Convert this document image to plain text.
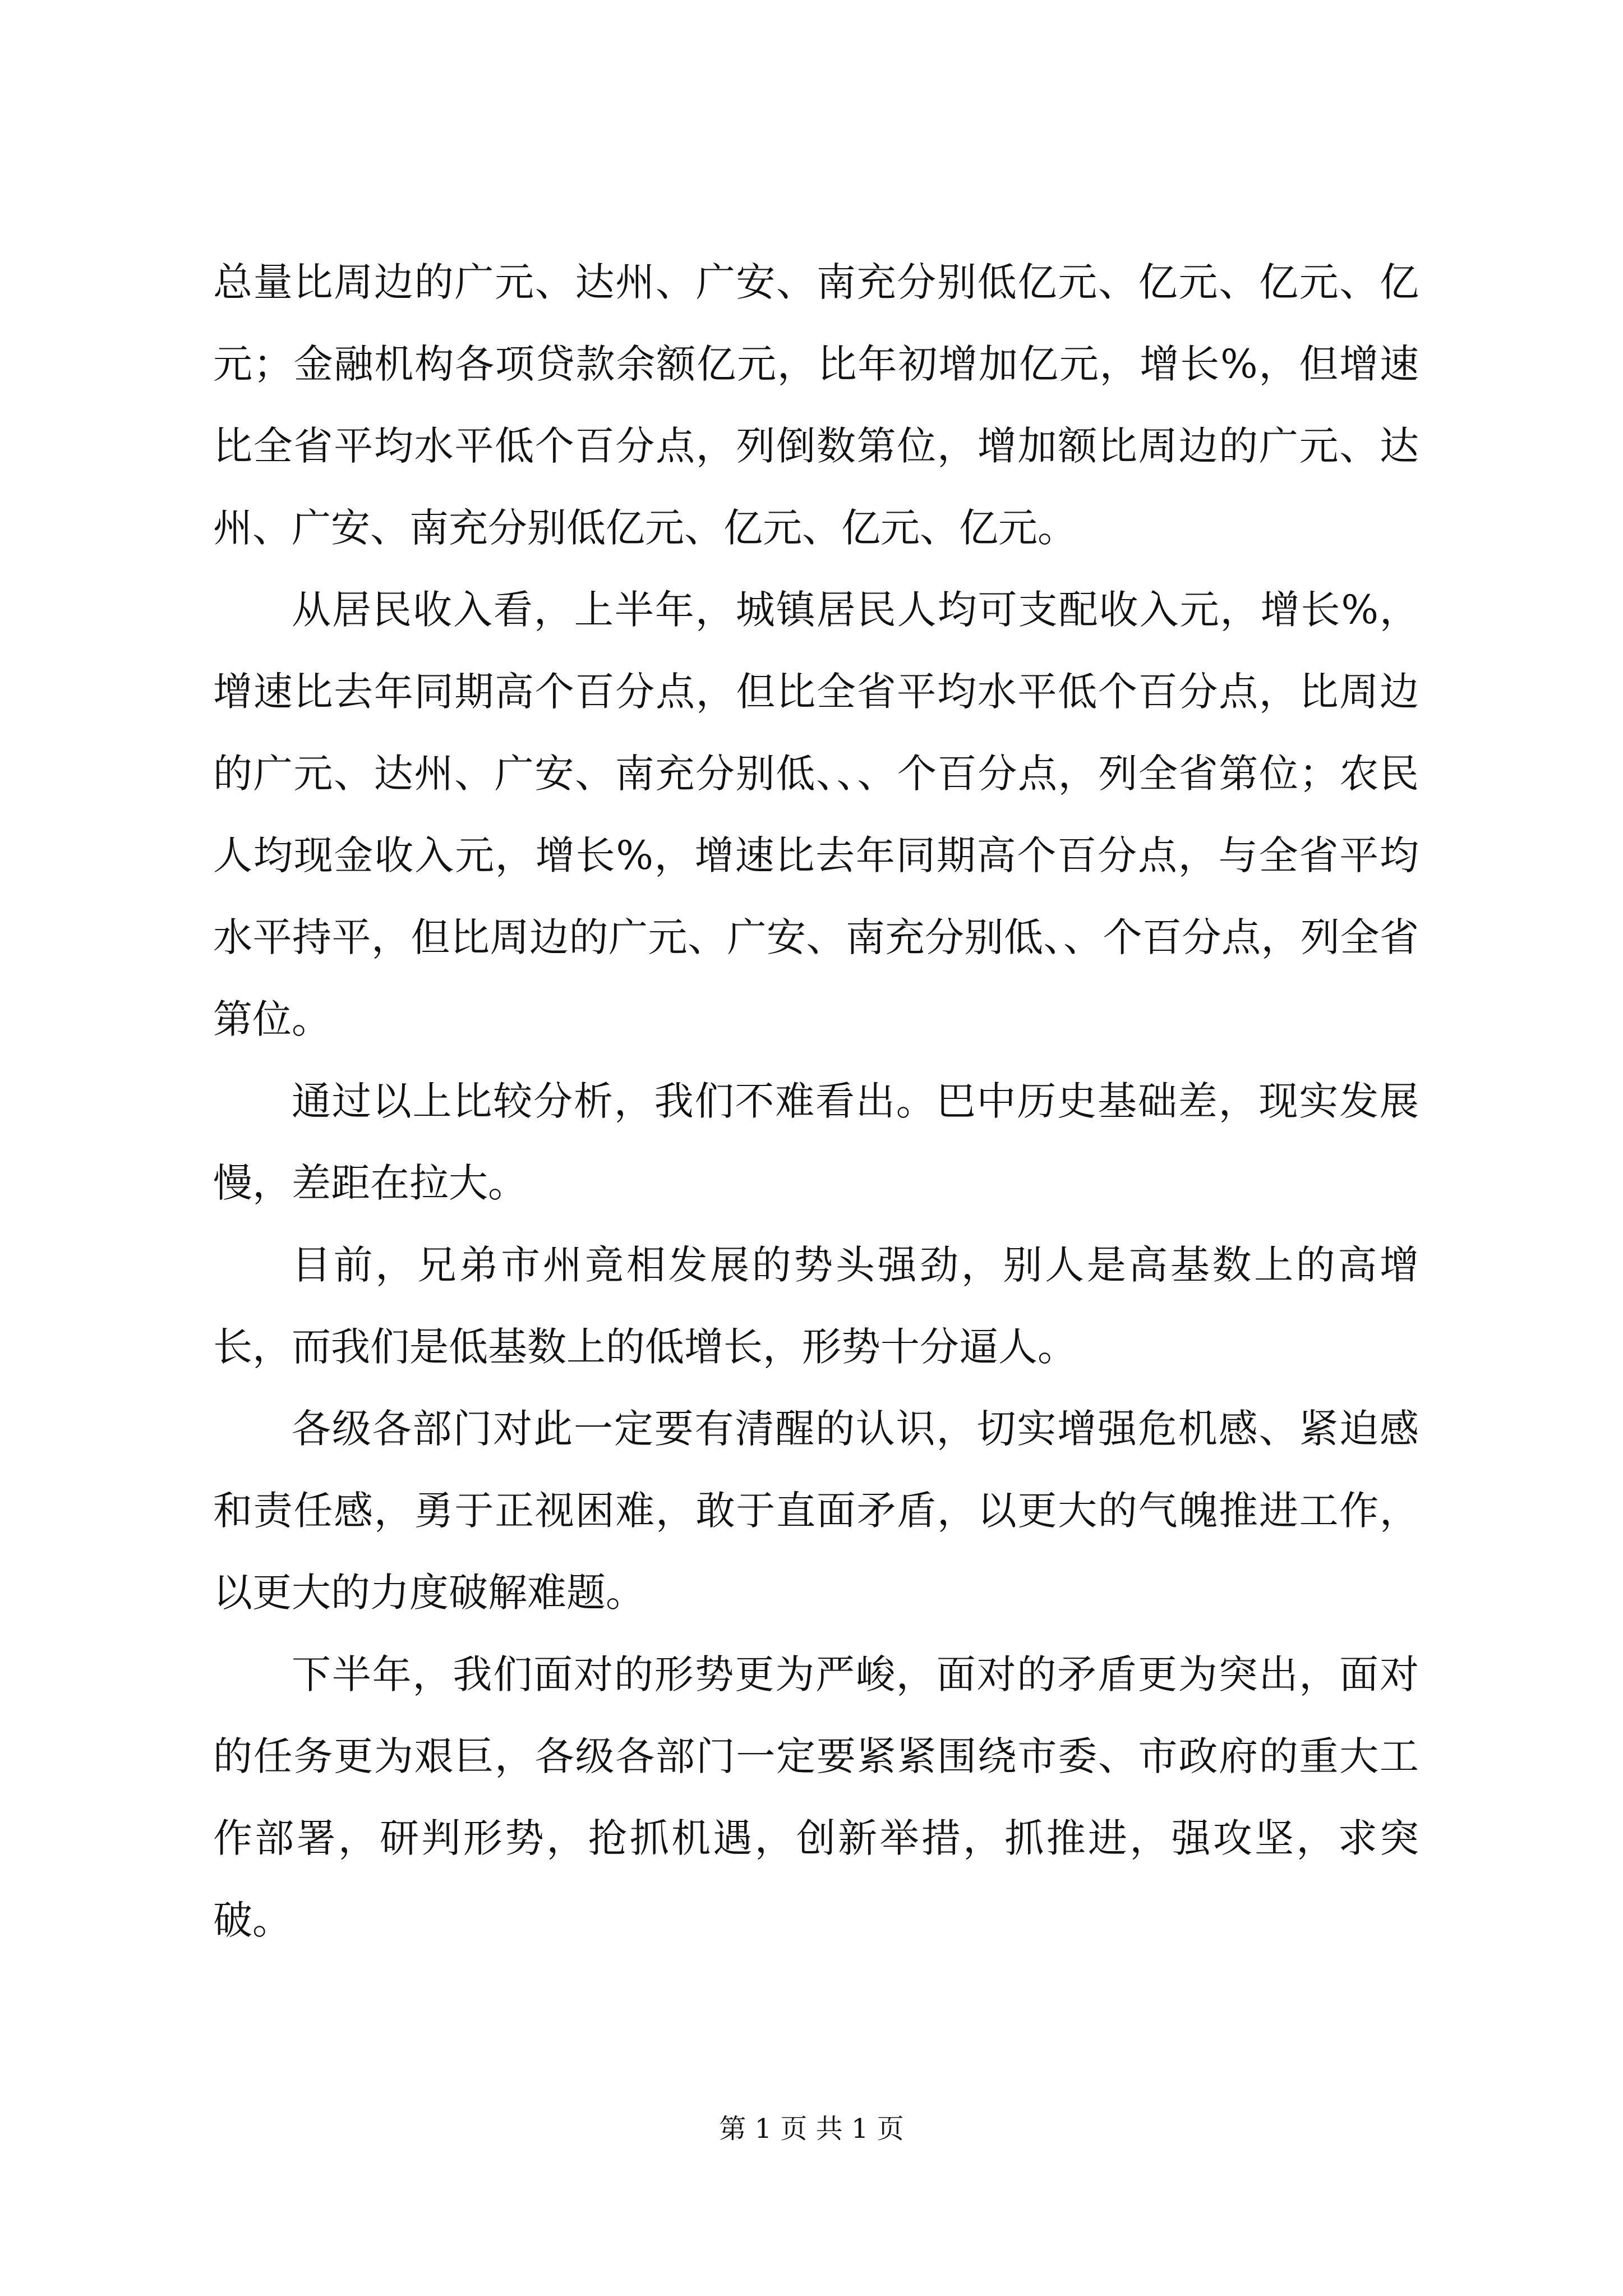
总量比周边的广元、达州、广安、南充分别低亿元、亿元、亿元、亿元；金融机构各项贷款余额亿元，比年初增加亿元，增长%，但增速比全省平均水平低个百分点，列倒数第位，增加额比周边的广元、达州、广安、南充分别低亿元、亿元、亿元、亿元。

从居民收入看，上半年，城镇居民人均可支配收入元，增长%，增速比去年同期高个百分点，但比全省平均水平低个百分点，比周边的广元、达州、广安、南充分别低、、、个百分点，列全省第位；农民人均现金收入元，增长%，增速比去年同期高个百分点，与全省平均水平持平，但比周边的广元、广安、南充分别低、、个百分点，列全省第位。

通过以上比较分析，我们不难看出。巴中历史基础差，现实发展慢，差距在拉大。

目前，兄弟市州竟相发展的势头强劲，别人是高基数上的高增长，而我们是低基数上的低增长，形势十分逼人。

各级各部门对此一定要有清醒的认识，切实增强危机感、紧迫感和责任感，勇于正视困难，敢于直面矛盾，以更大的气魄推进工作，以更大的力度破解难题。

下半年，我们面对的形势更为严峻，面对的矛盾更为突出，面对的任务更为艰巨，各级各部门一定要紧紧围绕市委、市政府的重大工作部署，研判形势，抢抓机遇，创新举措，抓推进，强攻坚，求突破。

第 1 页 共 1 页
